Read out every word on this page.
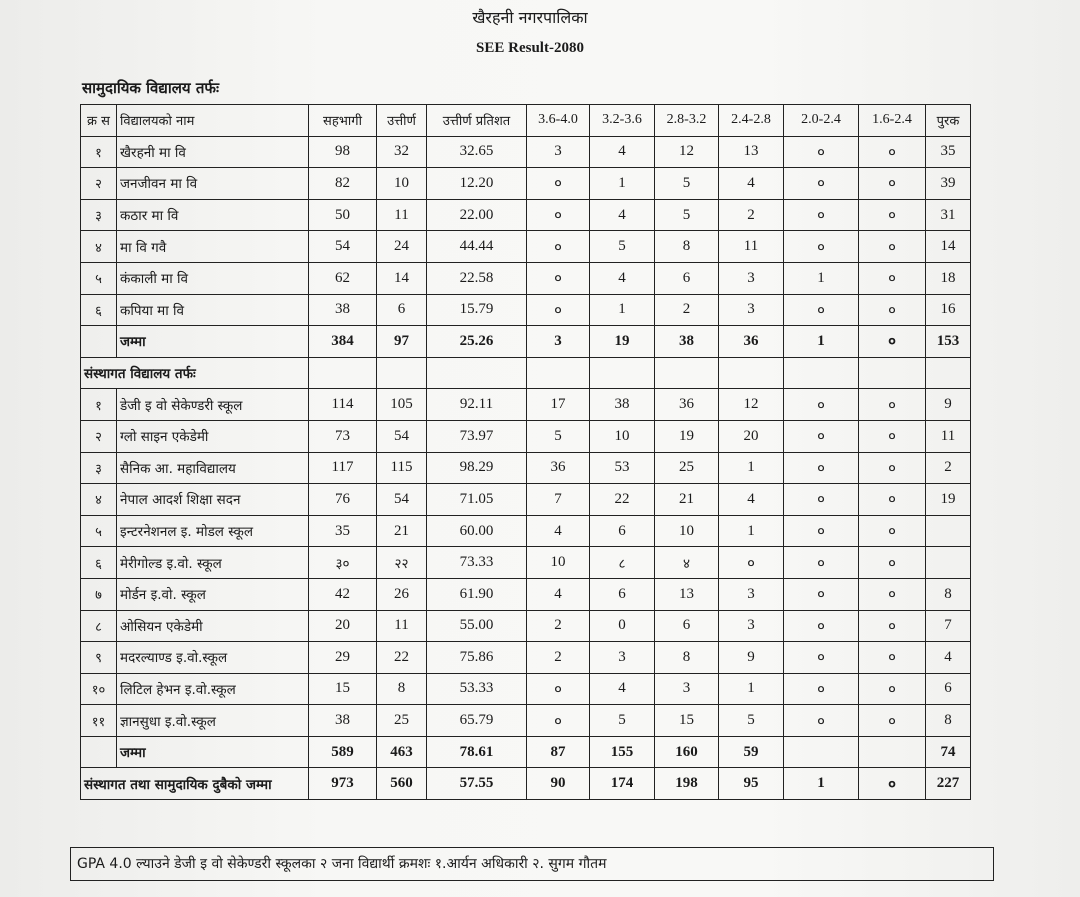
खैरहनी नगरपालिका
SEE Result-2080
सामुदायिक विद्यालय तर्फः
क्र स	विद्यालयको नाम	सहभागी	उत्तीर्ण	उत्तीर्ण प्रतिशत	3.6-4.0	3.2-3.6	2.8-3.2	2.4-2.8	2.0-2.4	1.6-2.4	पुरक
१	खैरहनी मा वि	98	32	32.65	3	4	12	13	०	०	35
२	जनजीवन मा वि	82	10	12.20	०	1	5	4	०	०	39
३	कठार मा वि	50	11	22.00	०	4	5	2	०	०	31
४	मा वि गवै	54	24	44.44	०	5	8	11	०	०	14
५	कंकाली मा वि	62	14	22.58	०	4	6	3	1	०	18
६	कपिया मा वि	38	6	15.79	०	1	2	3	०	०	16
	जम्मा	384	97	25.26	3	19	38	36	1	०	153
संस्थागत विद्यालय तर्फः											
१	डेजी इ वो सेकेण्डरी स्कूल	114	105	92.11	17	38	36	12	०	०	9
२	ग्लो साइन एकेडेमी	73	54	73.97	5	10	19	20	०	०	11
३	सैनिक आ. महाविद्यालय	117	115	98.29	36	53	25	1	०	०	2
४	नेपाल आदर्श शिक्षा सदन	76	54	71.05	7	22	21	4	०	०	19
५	इन्टरनेशनल इ. मोडल स्कूल	35	21	60.00	4	6	10	1	०	०	
६	मेरीगोल्ड इ.वो. स्कूल	३०	२२	73.33	10	८	४	०	०	०	
७	मोर्डन इ.वो. स्कूल	42	26	61.90	4	6	13	3	०	०	8
८	ओसियन एकेडेमी	20	11	55.00	2	0	6	3	०	०	7
९	मदरल्याण्ड इ.वो.स्कूल	29	22	75.86	2	3	8	9	०	०	4
१०	लिटिल हेभन इ.वो.स्कूल	15	8	53.33	०	4	3	1	०	०	6
११	ज्ञानसुधा इ.वो.स्कूल	38	25	65.79	०	5	15	5	०	०	8
	जम्मा	589	463	78.61	87	155	160	59			74
संस्थागत तथा सामुदायिक दुबैको जम्मा		973	560	57.55	90	174	198	95	1	०	227
GPA 4.0 ल्याउने डेजी इ वो सेकेण्डरी स्कूलका २ जना विद्यार्थी क्रमशः १.आर्यन अधिकारी २. सुगम गौतम
